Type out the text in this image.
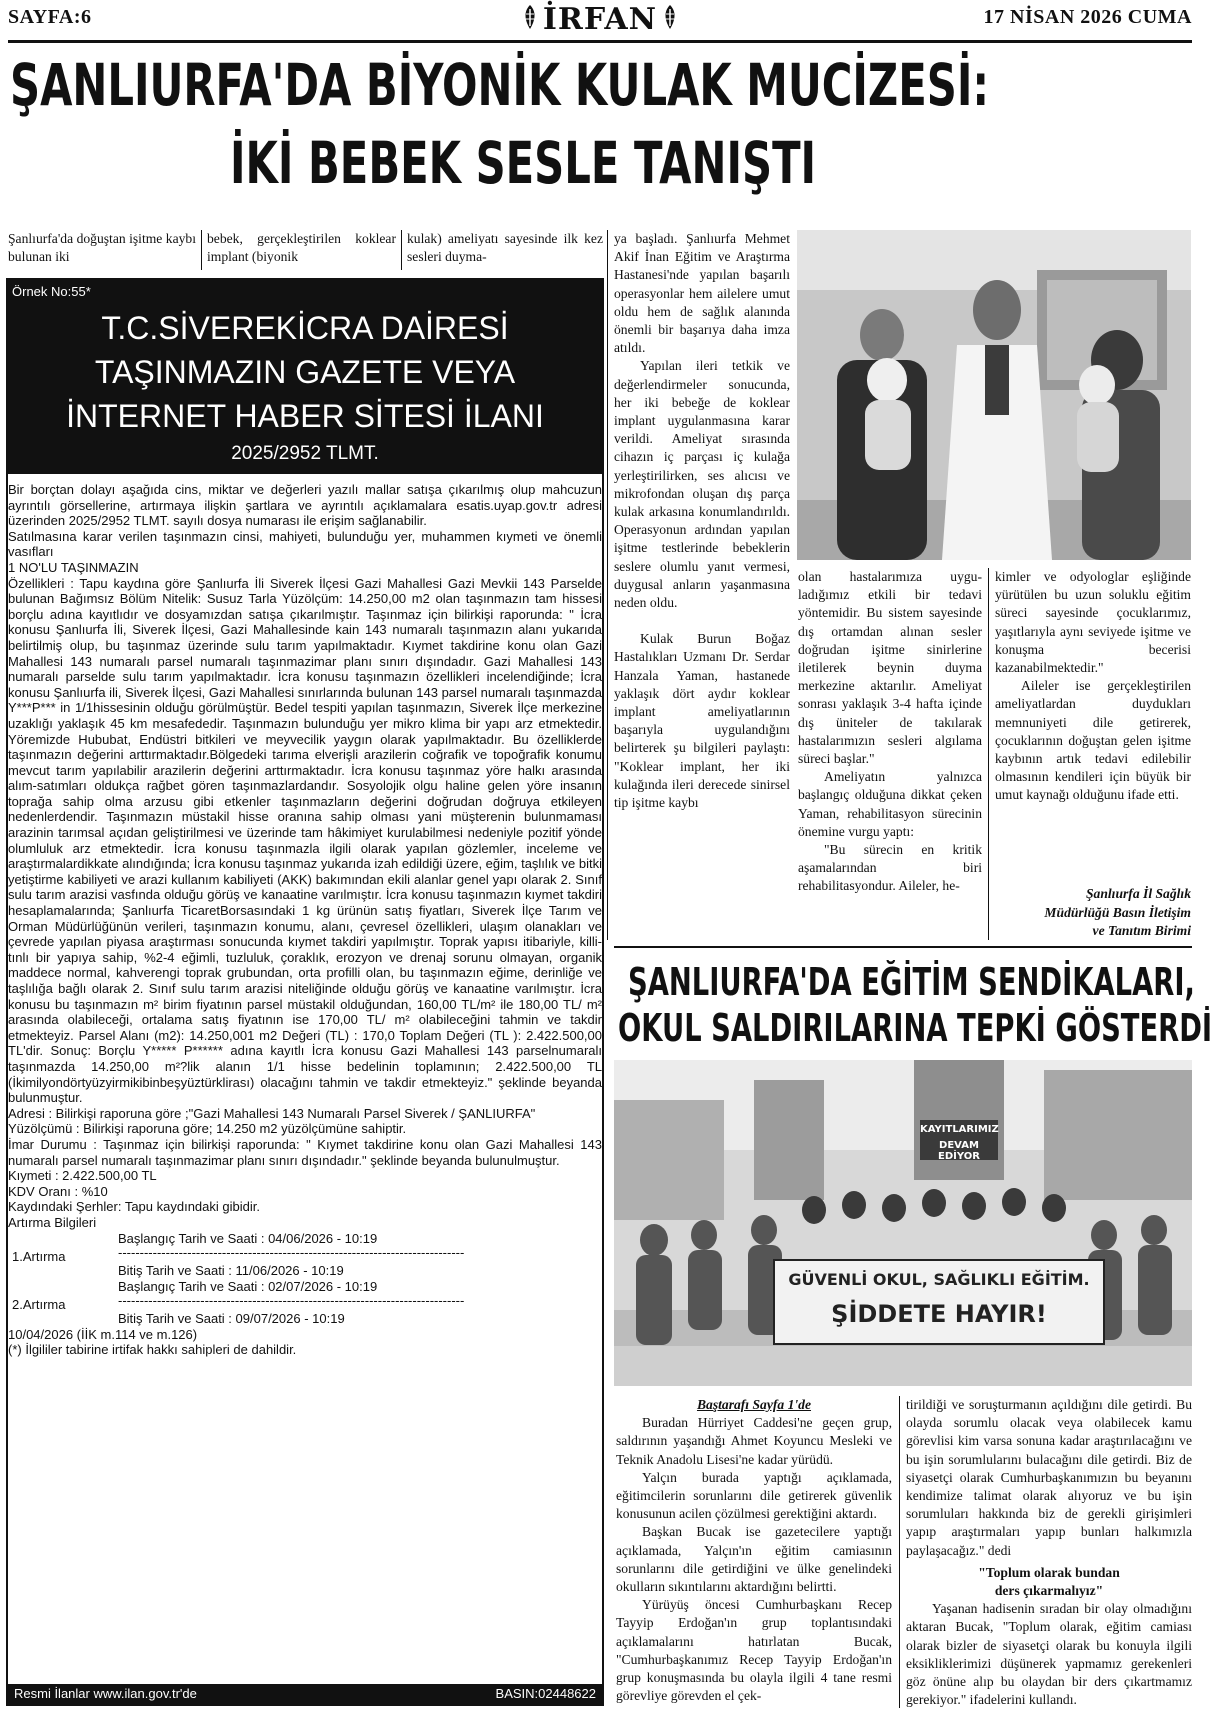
SAYFA:6	İRFAN	17 NİSAN 2026 CUMA
ŞANLIURFA'DA BİYONİK KULAK MUCİZESİ:
İKİ BEBEK SESLE TANIŞTI

Şanlıurfa'da doğuştan işitme kaybı bulunan iki

bebek, gerçekleştirilen koklear implant (biyonik

kulak) ameliyatı sayesinde ilk kez sesleri duyma-

ya başladı. Şanlıurfa Mehmet Akif İnan Eğitim ve Araştırma Hastanesi'nde yapılan başarılı operasyonlar hem ailelere umut oldu hem de sağlık alanında önemli bir başarıya daha imza atıldı.

Yapılan ileri tetkik ve değerlendirmeler sonucunda, her iki bebeğe de koklear implant uygulanmasına karar verildi. Ameliyat sırasında cihazın iç parçası iç kulağa yerleştirilirken, ses alıcısı ve mikrofondan oluşan dış parça kulak arkasına konumlandırıldı. Operasyonun ardından yapılan işitme testlerinde bebeklerin seslere olumlu yanıt vermesi, duygusal anların yaşanmasına neden oldu.

Kulak Burun Boğaz Hastalıkları Uzmanı Dr. Serdar Hanzala Yaman, hastanede yaklaşık dört aydır koklear implant ameliyatlarının başarıyla uygulandığını belirterek şu bilgileri paylaştı: "Koklear implant, her iki kulağında ileri derecede sinirsel tip işitme kaybı

olan hastalarımıza uygu-ladığımız etkili bir tedavi yöntemidir. Bu sistem sayesinde dış ortamdan alınan sesler doğrudan işitme sinirlerine iletilerek beynin duyma merkezine aktarılır. Ameliyat sonrası yaklaşık 3-4 hafta içinde dış üniteler de takılarak hastalarımızın sesleri algılama süreci başlar."

Ameliyatın yalnızca başlangıç olduğuna dikkat çeken Yaman, rehabilitasyon sürecinin önemine vurgu yaptı:

"Bu sürecin en kritik aşamalarından biri rehabilitasyondur. Aileler, he-

kimler ve odyologlar eşliğinde yürütülen bu uzun soluklu eğitim süreci sayesinde çocuklarımız, yaşıtlarıyla aynı seviyede işitme ve konuşma becerisi kazanabilmektedir."

Aileler ise gerçekleştirilen ameliyatlardan duydukları memnuniyeti dile getirerek, çocuklarının doğuştan gelen işitme kaybının artık tedavi edilebilir olmasının kendileri için büyük bir umut kaynağı olduğunu ifade etti.

Şanlıurfa İl Sağlık
Müdürlüğü Basın İletişim
ve Tanıtım Birimi
Örnek No:55*
T.C.SİVEREKİCRA DAİRESİ
TAŞINMAZIN GAZETE VEYA
İNTERNET HABER SİTESİ İLANI
2025/2952 TLMT.

Bir borçtan dolayı aşağıda cins, miktar ve değerleri yazılı mallar satışa çıkarılmış olup mahcuzun ayrıntılı görsellerine, artırmaya ilişkin şartlara ve ayrıntılı açıklamalara esatis.uyap.gov.tr adresi üzerinden 2025/2952 TLMT. sayılı dosya numarası ile erişim sağlanabilir.

Satılmasına karar verilen taşınmazın cinsi, mahiyeti, bulunduğu yer, muhammen kıymeti ve önemli vasıfları

1 NO'LU TAŞINMAZIN

Özellikleri : Tapu kaydına göre Şanlıurfa İli Siverek İlçesi Gazi Mahallesi Gazi Mevkii 143 Parselde bulunan Bağımsız Bölüm Nitelik: Susuz Tarla Yüzölçüm: 14.250,00 m2 olan taşınmazın tam hissesi borçlu adına kayıtlıdır ve dosyamızdan satışa çıkarılmıştır. Taşınmaz için bilirkişi raporunda: " İcra konusu Şanlıurfa İli, Siverek İlçesi, Gazi Mahallesinde kain 143 numaralı taşınmazın alanı yukarıda belirtilmiş olup, bu taşınmaz üzerinde sulu tarım yapılmaktadır. Kıymet takdirine konu olan Gazi Mahallesi 143 numaralı parsel numaralı taşınmazimar planı sınırı dışındadır. Gazi Mahallesi 143 numaralı parselde sulu tarım yapılmaktadır. İcra konusu taşınmazın özellikleri incelendiğinde; İcra konusu Şanlıurfa ili, Siverek İlçesi, Gazi Mahallesi sınırlarında bulunan 143 parsel numaralı taşınmazda Y***P*** in 1/1hissesinin olduğu görülmüştür. Bedel tespiti yapılan taşınmazın, Siverek İlçe merkezine uzaklığı yaklaşık 45 km mesafededir. Taşınmazın bulunduğu yer mikro klima bir yapı arz etmektedir. Yöremizde Hububat, Endüstri bitkileri ve meyvecilik yaygın olarak yapılmaktadır. Bu özelliklerde taşınmazın değerini arttırmaktadır.Bölgedeki tarıma elverişli arazilerin coğrafik ve topoğrafik konumu mevcut tarım yapılabilir arazilerin değerini arttırmaktadır. İcra konusu taşınmaz yöre halkı arasında alım-satımları oldukça rağbet gören taşınmazlardandır. Sosyolojik olgu haline gelen yöre insanın toprağa sahip olma arzusu gibi etkenler taşınmazların değerini doğrudan doğruya etkileyen nedenlerdendir. Taşınmazın müstakil hisse oranına sahip olması yani müşterenin bulunmaması arazinin tarımsal açıdan geliştirilmesi ve üzerinde tam hâkimiyet kurulabilmesi nedeniyle pozitif yönde olumluluk arz etmektedir. İcra konusu taşınmazla ilgili olarak yapılan gözlemler, inceleme ve araştırmalardikkate alındığında; İcra konusu taşınmaz yukarıda izah edildiği üzere, eğim, taşlılık ve bitki yetiştirme kabiliyeti ve arazi kullanım kabiliyeti (AKK) bakımından ekili alanlar genel yapı olarak 2. Sınıf sulu tarım arazisi vasfında olduğu görüş ve kanaatine varılmıştır. İcra konusu taşınmazın kıymet takdiri hesaplamalarında; Şanlıurfa TicaretBorsasındaki 1 kg ürünün satış fiyatları, Siverek İlçe Tarım ve Orman Müdürlüğünün verileri, taşınmazın konumu, alanı, çevresel özellikleri, ulaşım olanakları ve çevrede yapılan piyasa araştırması sonucunda kıymet takdiri yapılmıştır. Toprak yapısı itibariyle, killi-tınlı bir yapıya sahip, %2-4 eğimli, tuzluluk, çoraklık, erozyon ve drenaj sorunu olmayan, organik maddece normal, kahverengi toprak grubundan, orta profilli olan, bu taşınmazın eğime, derinliğe ve taşlılığa bağlı olarak 2. Sınıf sulu tarım arazisi niteliğinde olduğu görüş ve kanaatine varılmıştır. İcra konusu bu taşınmazın m² birim fiyatının parsel müstakil olduğundan, 160,00 TL/m² ile 180,00 TL/ m² arasında olabileceği, ortalama satış fiyatının ise 170,00 TL/ m² olabileceğini tahmin ve takdir etmekteyiz. Parsel Alanı (m2): 14.250,001 m2 Değeri (TL) : 170,0 Toplam Değeri (TL ): 2.422.500,00 TL'dir. Sonuç: Borçlu Y***** P****** adına kayıtlı İcra konusu Gazi Mahallesi 143 parselnumaralı taşınmazda 14.250,00 m²?lik alanın 1/1 hisse bedelinin toplamının; 2.422.500,00 TL (İkimilyondörtyüzyirmikibinbeşyüztürklirası) olacağını tahmin ve takdir etmekteyiz." şeklinde beyanda bulunmuştur.

Adresi : Bilirkişi raporuna göre ;"Gazi Mahallesi 143 Numaralı Parsel Siverek / ŞANLIURFA"

Yüzölçümü : Bilirkişi raporuna göre; 14.250 m2 yüzölçümüne sahiptir.

İmar Durumu : Taşınmaz için bilirkişi raporunda: " Kıymet takdirine konu olan Gazi Mahallesi 143 numaralı parsel numaralı taşınmazimar planı sınırı dışındadır." şeklinde beyanda bulunulmuştur.

Kıymeti : 2.422.500,00 TL

KDV Oranı : %10

Kaydındaki Şerhler: Tapu kaydındaki gibidir.

Artırma Bilgileri

Başlangıç Tarih ve Saati : 04/06/2026 - 10:19
1.Artırma	--------------------------------------------------------------------------------
Bitiş Tarih ve Saati : 11/06/2026 - 10:19
Başlangıç Tarih ve Saati : 02/07/2026 - 10:19
2.Artırma	--------------------------------------------------------------------------------
Bitiş Tarih ve Saati : 09/07/2026 - 10:19

10/04/2026 (İİK m.114 ve m.126)

(*) İlgililer tabirine irtifak hakkı sahipleri de dahildir.

Resmi İlanlar www.ilan.gov.tr'de	BASIN:02448622
ŞANLIURFA'DA EĞİTİM SENDİKALARI,
OKUL SALDIRILARINA TEPKİ GÖSTERDİ
GÜVENLİ OKUL, SAĞLIKLI EĞİTİM.
ŞİDDETE HAYIR!
KAYITLARIMIZ
DEVAM EDİYOR

Baştarafı Sayfa 1'de

Buradan Hürriyet Caddesi'ne geçen grup, saldırının yaşandığı Ahmet Koyuncu Mesleki ve Teknik Anadolu Lisesi'ne kadar yürüdü.

Yalçın burada yaptığı açıklamada, eğitimcilerin sorunlarını dile getirerek güvenlik konusunun acilen çözülmesi gerektiğini aktardı.

Başkan Bucak ise gazetecilere yaptığı açıklamada, Yalçın'ın eğitim camiasının sorunlarını dile getirdiğini ve ülke genelindeki okulların sıkıntılarını aktardığını belirtti.

Yürüyüş öncesi Cumhurbaşkanı Recep Tayyip Erdoğan'ın grup toplantısındaki açıklamalarını hatırlatan Bucak, "Cumhurbaşkanımız Recep Tayyip Erdoğan'ın grup konuşmasında bu olayla ilgili 4 tane resmi görevliye görevden el çek-

tirildiği ve soruşturmanın açıldığını dile getirdi. Bu olayda sorumlu olacak veya olabilecek kamu görevlisi kim varsa sonuna kadar araştırılacağını ve bu işin sorumlularını bulacağını dile getirdi. Biz de siyasetçi olarak Cumhurbaşkanımızın bu beyanını kendimize talimat olarak alıyoruz ve bu işin sorumluları hakkında biz de gerekli girişimleri yapıp araştırmaları yapıp bunları halkımızla paylaşacağız." dedi

"Toplum olarak bundan

ders çıkarmalıyız"

Yaşanan hadisenin sıradan bir olay olmadığını aktaran Bucak, "Toplum olarak, eğitim camiası olarak bizler de siyasetçi olarak bu konuyla ilgili eksikliklerimizi düşünerek yapmamız gerekenleri göz önüne alıp bu olaydan bir ders çıkartmamız gerekiyor." ifadelerini kullandı.
